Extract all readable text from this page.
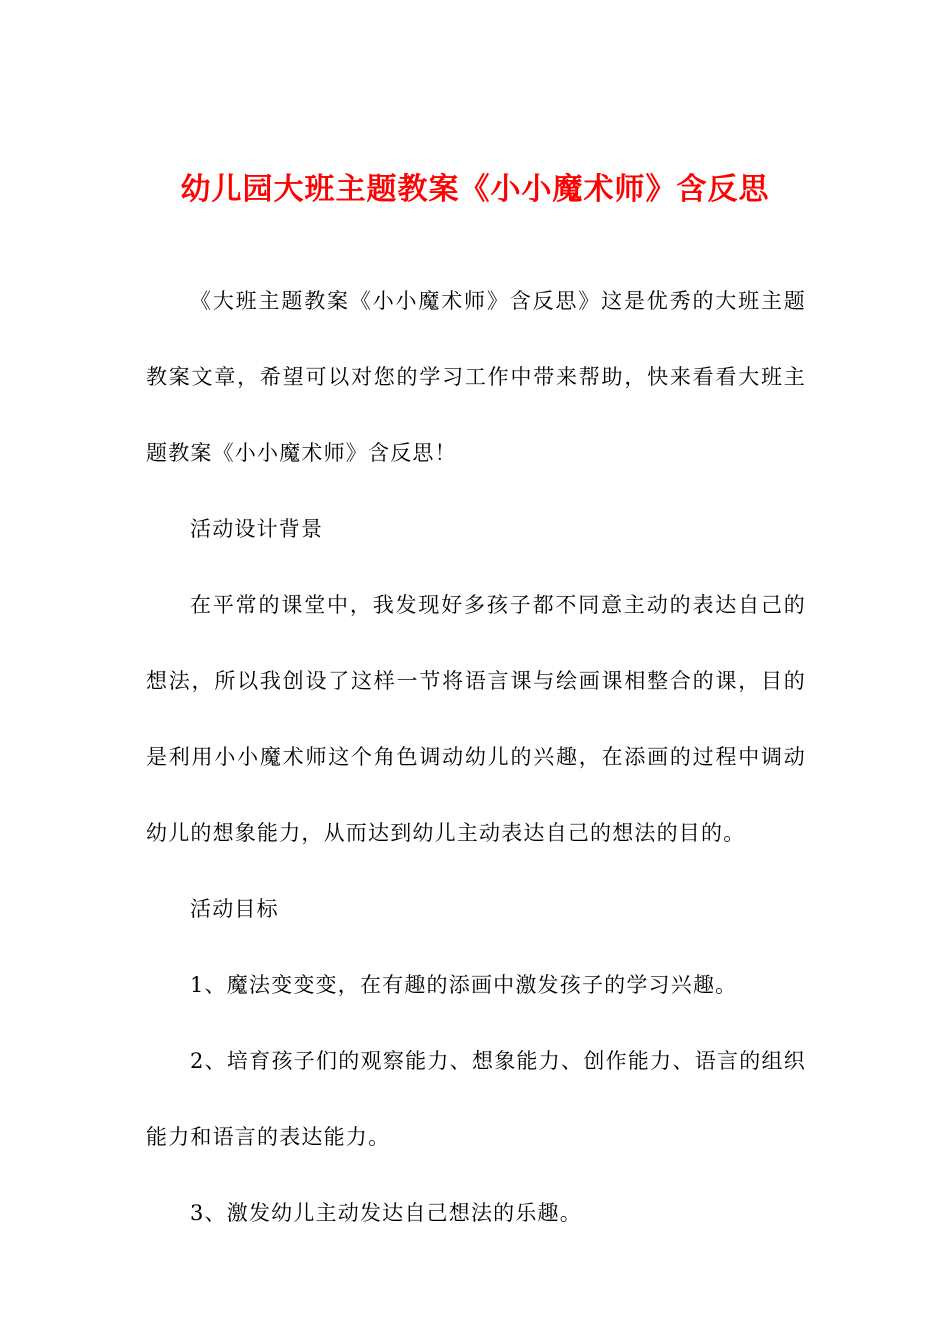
幼儿园大班主题教案《小小魔术师》含反思

《大班主题教案《小小魔术师》含反思》这是优秀的大班主题教案文章，希望可以对您的学习工作中带来帮助，快来看看大班主题教案《小小魔术师》含反思！

活动设计背景

在平常的课堂中，我发现好多孩子都不同意主动的表达自己的想法，所以我创设了这样一节将语言课与绘画课相整合的课，目的是利用小小魔术师这个角色调动幼儿的兴趣，在添画的过程中调动幼儿的想象能力，从而达到幼儿主动表达自己的想法的目的。

活动目标

1、魔法变变变，在有趣的添画中激发孩子的学习兴趣。

2、培育孩子们的观察能力、想象能力、创作能力、语言的组织能力和语言的表达能力。

3、激发幼儿主动发达自己想法的乐趣。
